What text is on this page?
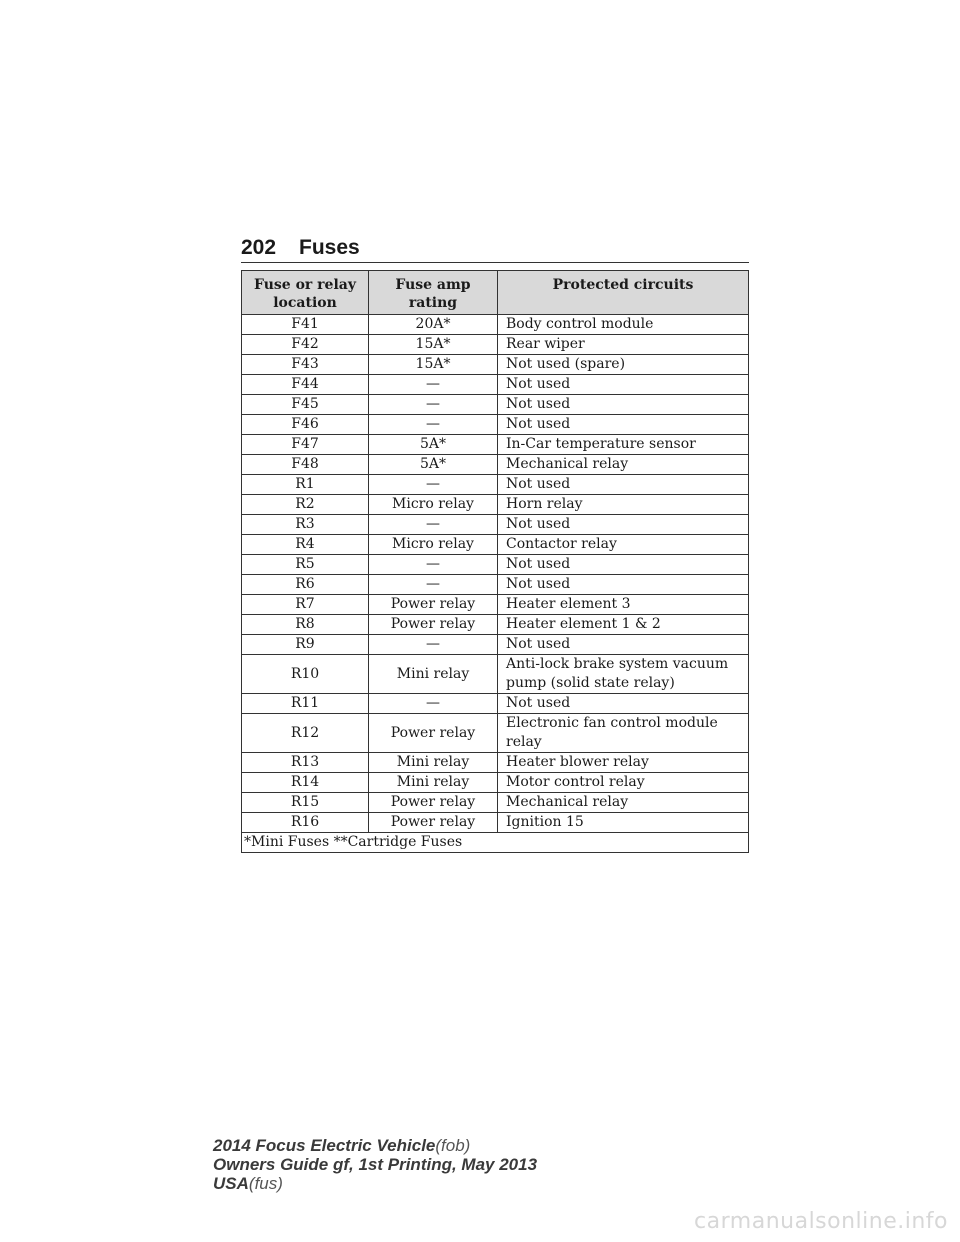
202 Fuses
Fuse or relay location	Fuse amp rating	Protected circuits
F41	20A*	Body control module
F42	15A*	Rear wiper
F43	15A*	Not used (spare)
F44	—	Not used
F45	—	Not used
F46	—	Not used
F47	5A*	In-Car temperature sensor
F48	5A*	Mechanical relay
R1	—	Not used
R2	Micro relay	Horn relay
R3	—	Not used
R4	Micro relay	Contactor relay
R5	—	Not used
R6	—	Not used
R7	Power relay	Heater element 3
R8	Power relay	Heater element 1 & 2
R9	—	Not used
R10	Mini relay	Anti-lock brake system vacuum pump (solid state relay)
R11	—	Not used
R12	Power relay	Electronic fan control module relay
R13	Mini relay	Heater blower relay
R14	Mini relay	Motor control relay
R15	Power relay	Mechanical relay
R16	Power relay	Ignition 15
*Mini Fuses **Cartridge Fuses		
2014 Focus Electric Vehicle(fob)
Owners Guide gf, 1st Printing, May 2013
USA(fus)
carmanualsonline.info
